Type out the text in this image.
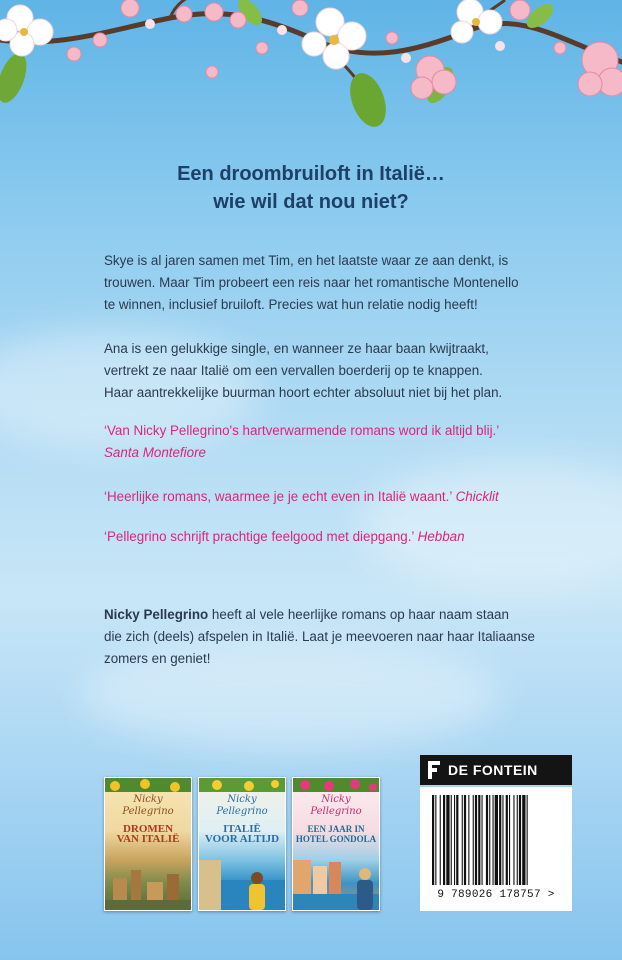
Een droombruiloft in Italië…
wie wil dat nou niet?
Skye is al jaren samen met Tim, en het laatste waar ze aan denkt, is
trouwen. Maar Tim probeert een reis naar het romantische Montenello
te winnen, inclusief bruiloft. Precies wat hun relatie nodig heeft!
Ana is een gelukkige single, en wanneer ze haar baan kwijtraakt,
vertrekt ze naar Italië om een vervallen boerderij op te knappen.
Haar aantrekkelijke buurman hoort echter absoluut niet bij het plan.
‘Van Nicky Pellegrino's hartverwarmende romans word ik altijd blij.’
Santa Montefiore
‘Heerlijke romans, waarmee je je echt even in Italië waant.’ Chicklit
‘Pellegrino schrijft prachtige feelgood met diepgang.’ Hebban
Nicky Pellegrino heeft al vele heerlijke romans op haar naam staan
die zich (deels) afspelen in Italië. Laat je meevoeren naar haar Italiaanse
zomers en geniet!
Nicky
Pellegrino
DROMEN
VAN ITALIË
Nicky
Pellegrino
ITALIË
VOOR ALTIJD
Nicky
Pellegrino
EEN JAAR IN
HOTEL GONDOLA
DE FONTEIN
9 789026 178757 >
